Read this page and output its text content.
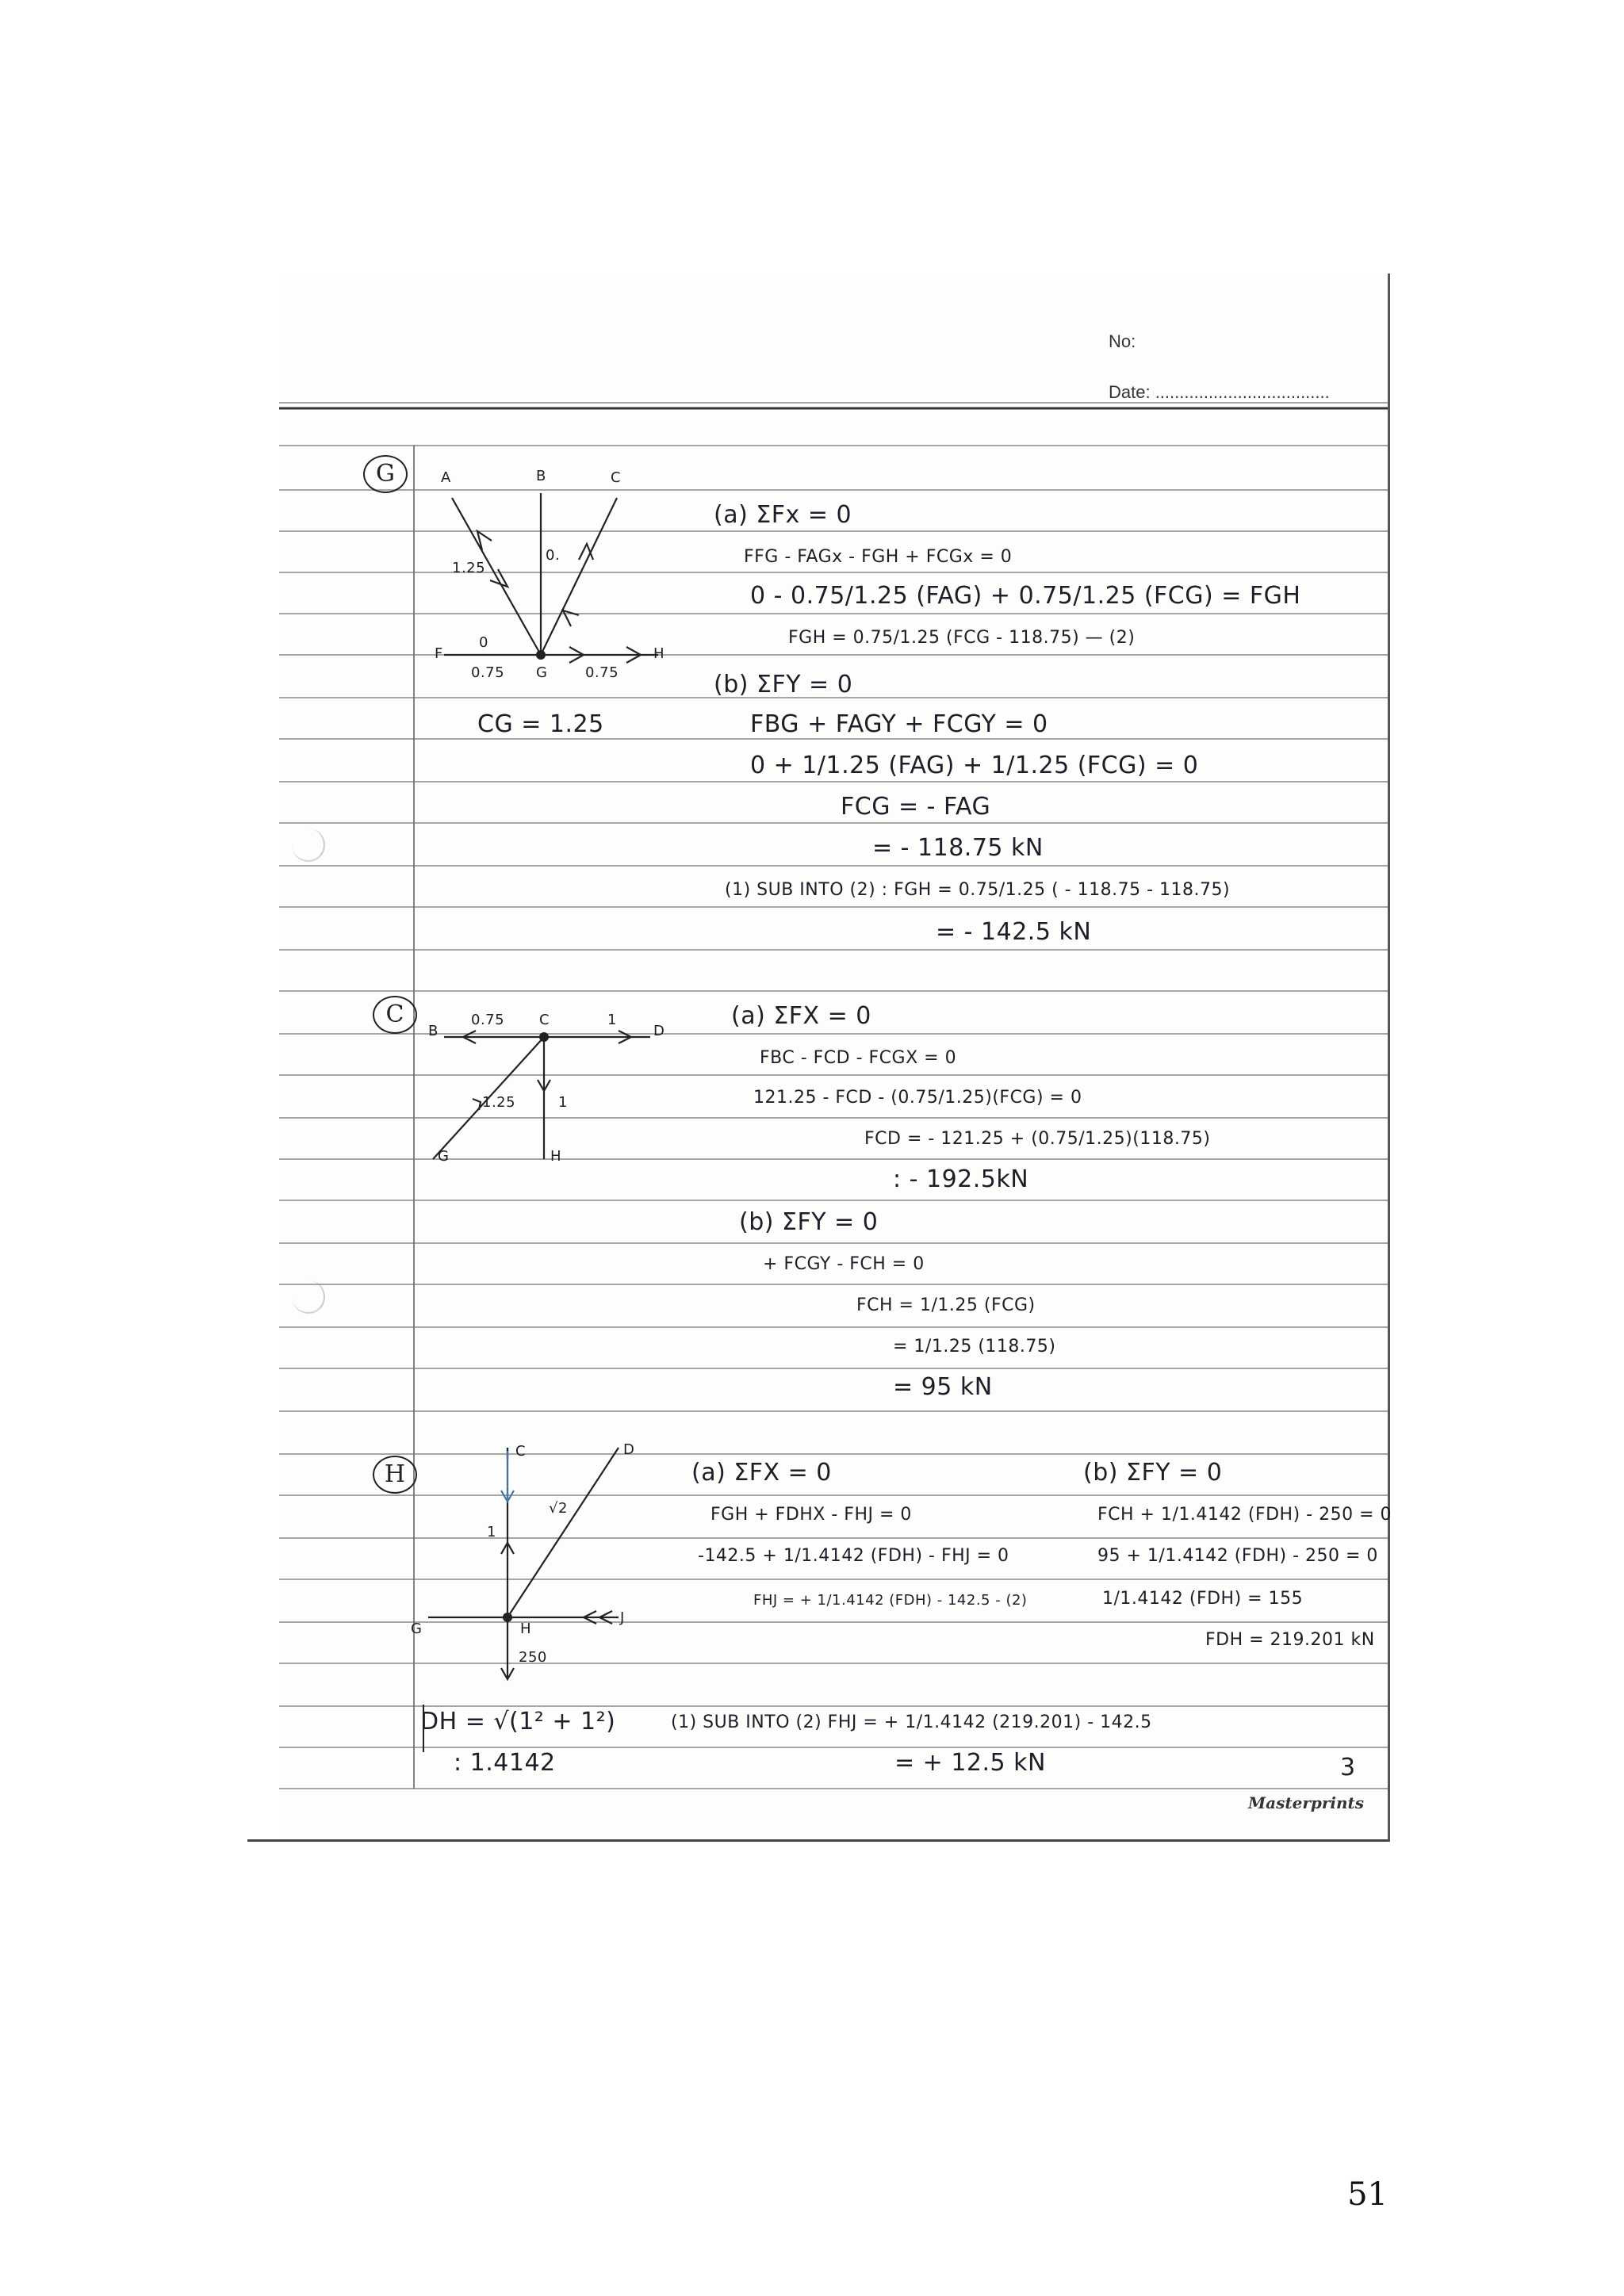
No:
Date: ....................................
G	A	B	C
F
G
H
1.25
0.
0
0.75	0.75
CG = 1.25
(a) ΣFx = 0
FFG - FAGx - FGH + FCGx = 0
0 - 0.75/1.25 (FAG) + 0.75/1.25 (FCG) = FGH
FGH = 0.75/1.25 (FCG - 118.75) — (2)
(b) ΣFY = 0
FBG + FAGY + FCGY = 0
0 + 1/1.25 (FAG) + 1/1.25 (FCG) = 0
FCG = - FAG
= - 118.75 kN
(1) SUB INTO (2) : FGH = 0.75/1.25 ( - 118.75 - 118.75)
= - 142.5 kN
C
B
0.75 C	1
D
1.25	1
G	H
(a) ΣFX = 0
FBC - FCD - FCGX = 0
121.25 - FCD - (0.75/1.25)(FCG) = 0
FCD = - 121.25 + (0.75/1.25)(118.75)
: - 192.5kN
(b) ΣFY = 0
+ FCGY - FCH = 0
FCH = 1/1.25 (FCG)
= 1/1.25 (118.75)
= 95 kN
H
C	D
1
√2
G	H
J
250
(a) ΣFX = 0
FGH + FDHX - FHJ = 0
-142.5 + 1/1.4142 (FDH) - FHJ = 0
FHJ = + 1/1.4142 (FDH) - 142.5 - (2)
(b) ΣFY = 0
FCH + 1/1.4142 (FDH) - 250 = 0
95 + 1/1.4142 (FDH) - 250 = 0
1/1.4142 (FDH) = 155
FDH = 219.201 kN
DH = √(1² + 1²)
: 1.4142
(1) SUB INTO (2) FHJ = + 1/1.4142 (219.201) - 142.5
= + 12.5 kN	3
Masterprints
51
